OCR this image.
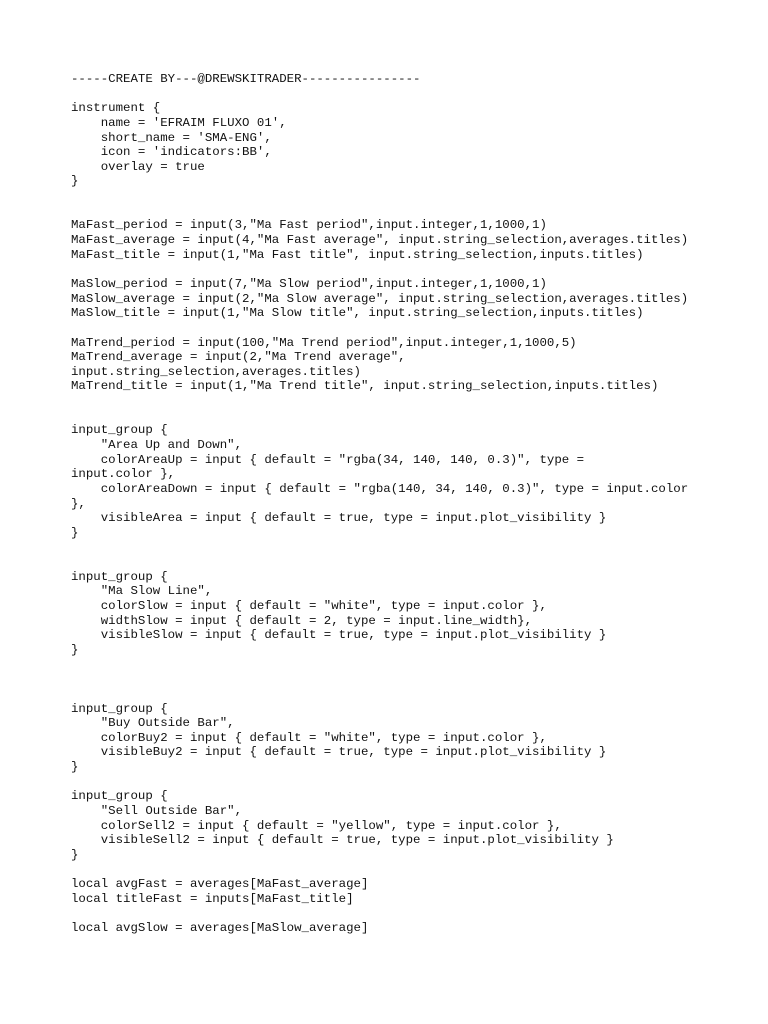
-----CREATE BY---@DREWSKITRADER----------------
instrument {
name = 'EFRAIM FLUXO 01',
short_name = 'SMA-ENG',
icon = 'indicators:BB',
overlay = true
}
MaFast_period = input(3,"Ma Fast period",input.integer,1,1000,1)
MaFast_average = input(4,"Ma Fast average", input.string_selection,averages.titles)
MaFast_title = input(1,"Ma Fast title", input.string_selection,inputs.titles)
MaSlow_period = input(7,"Ma Slow period",input.integer,1,1000,1)
MaSlow_average = input(2,"Ma Slow average", input.string_selection,averages.titles)
MaSlow_title = input(1,"Ma Slow title", input.string_selection,inputs.titles)
MaTrend_period = input(100,"Ma Trend period",input.integer,1,1000,5)
MaTrend_average = input(2,"Ma Trend average",
input.string_selection,averages.titles)
MaTrend_title = input(1,"Ma Trend title", input.string_selection,inputs.titles)
input_group {
"Area Up and Down",
colorAreaUp = input { default = "rgba(34, 140, 140, 0.3)", type =
input.color },
colorAreaDown = input { default = "rgba(140, 34, 140, 0.3)", type = input.color
},
visibleArea = input { default = true, type = input.plot_visibility }
}
input_group {
"Ma Slow Line",
colorSlow = input { default = "white", type = input.color },
widthSlow = input { default = 2, type = input.line_width},
visibleSlow = input { default = true, type = input.plot_visibility }
}
input_group {
"Buy Outside Bar",
colorBuy2 = input { default = "white", type = input.color },
visibleBuy2 = input { default = true, type = input.plot_visibility }
}
input_group {
"Sell Outside Bar",
colorSell2 = input { default = "yellow", type = input.color },
visibleSell2 = input { default = true, type = input.plot_visibility }
}
local avgFast = averages[MaFast_average]
local titleFast = inputs[MaFast_title]
local avgSlow = averages[MaSlow_average]
